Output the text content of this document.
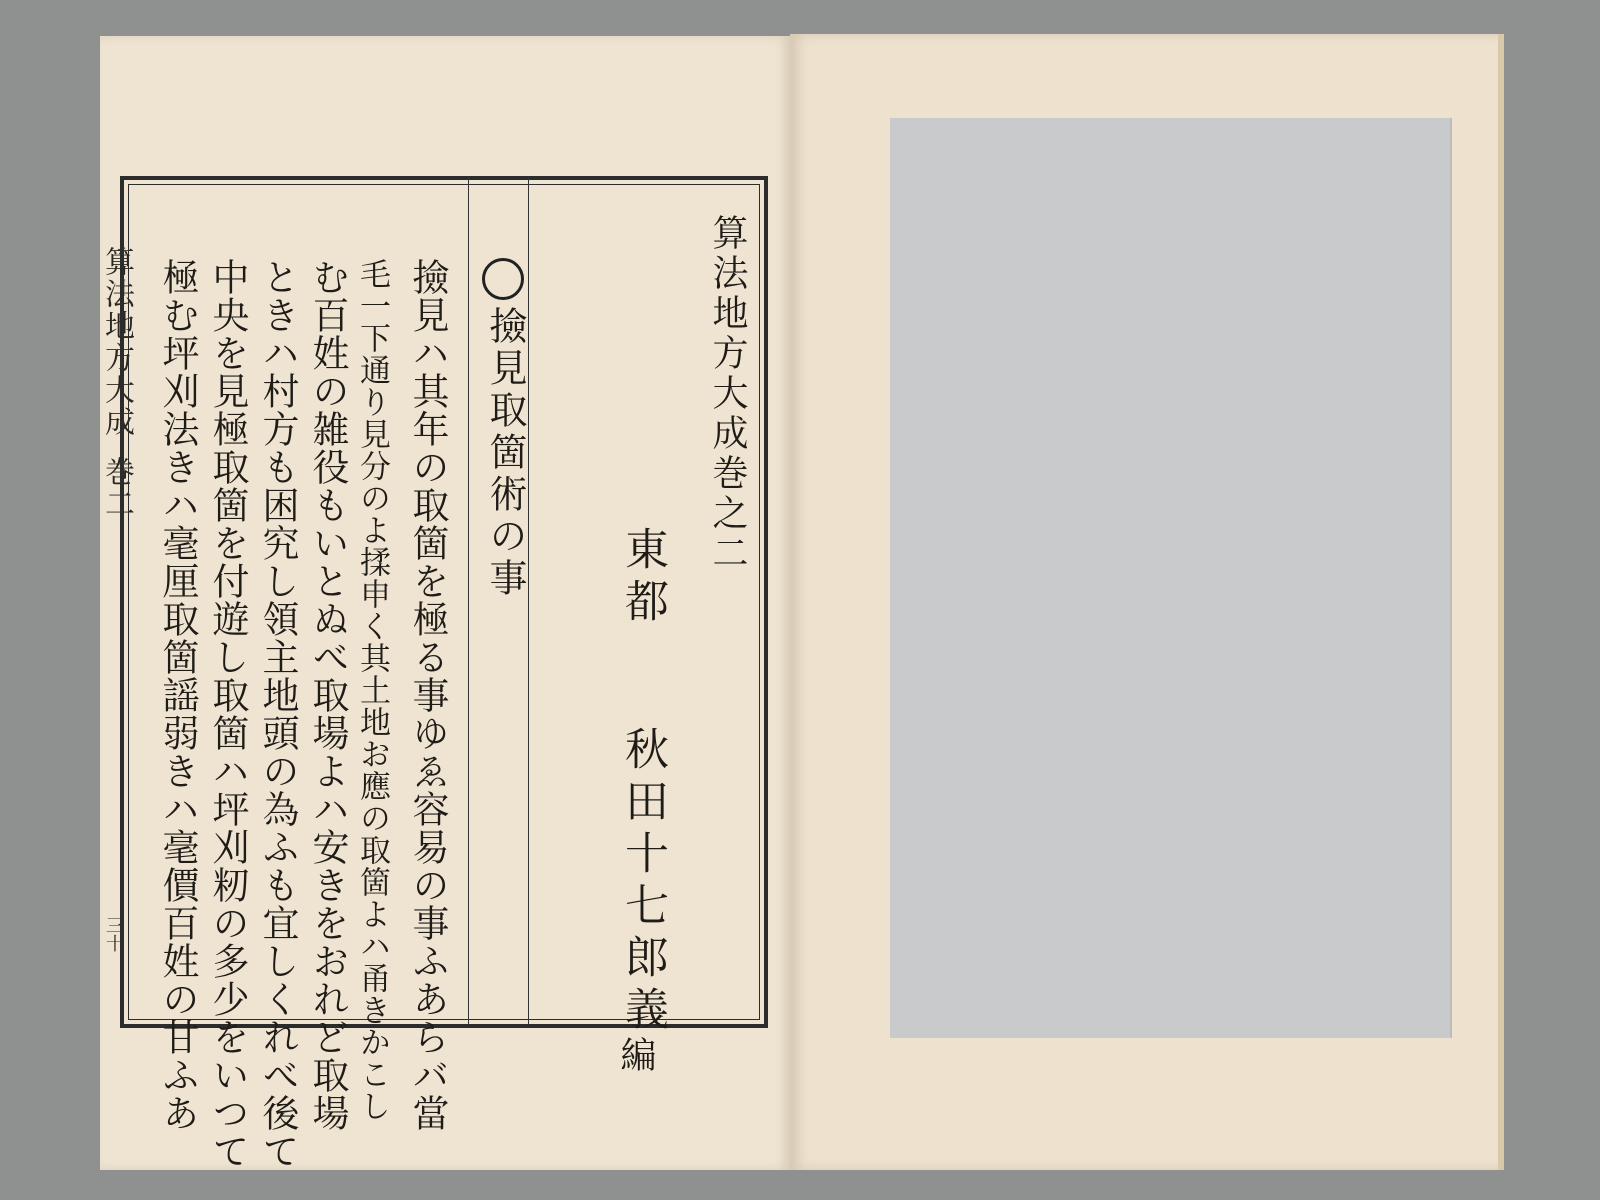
算法地方大成
巻二
三十
算法地方大成巻之二
東都
秋田十七郎義
編
撿見取箇術の事
撿見ハ其年の取箇を極る事ゆゑ容易の事ふあらバ當
毛一下通り見分のよ揉申く其土地お應の取箇よハ甬きかこし
む百姓の雑役もいとぬべ取場よハ安きをおれど取場
ときハ村方も困究し領主地頭の為ふも宜しくれべ後て
中央を見極取箇を付遊し取箇ハ坪刈籾の多少をいつて
極む坪刈法きハ毫厘取箇謡弱きハ毫價百姓の甘ふあ
